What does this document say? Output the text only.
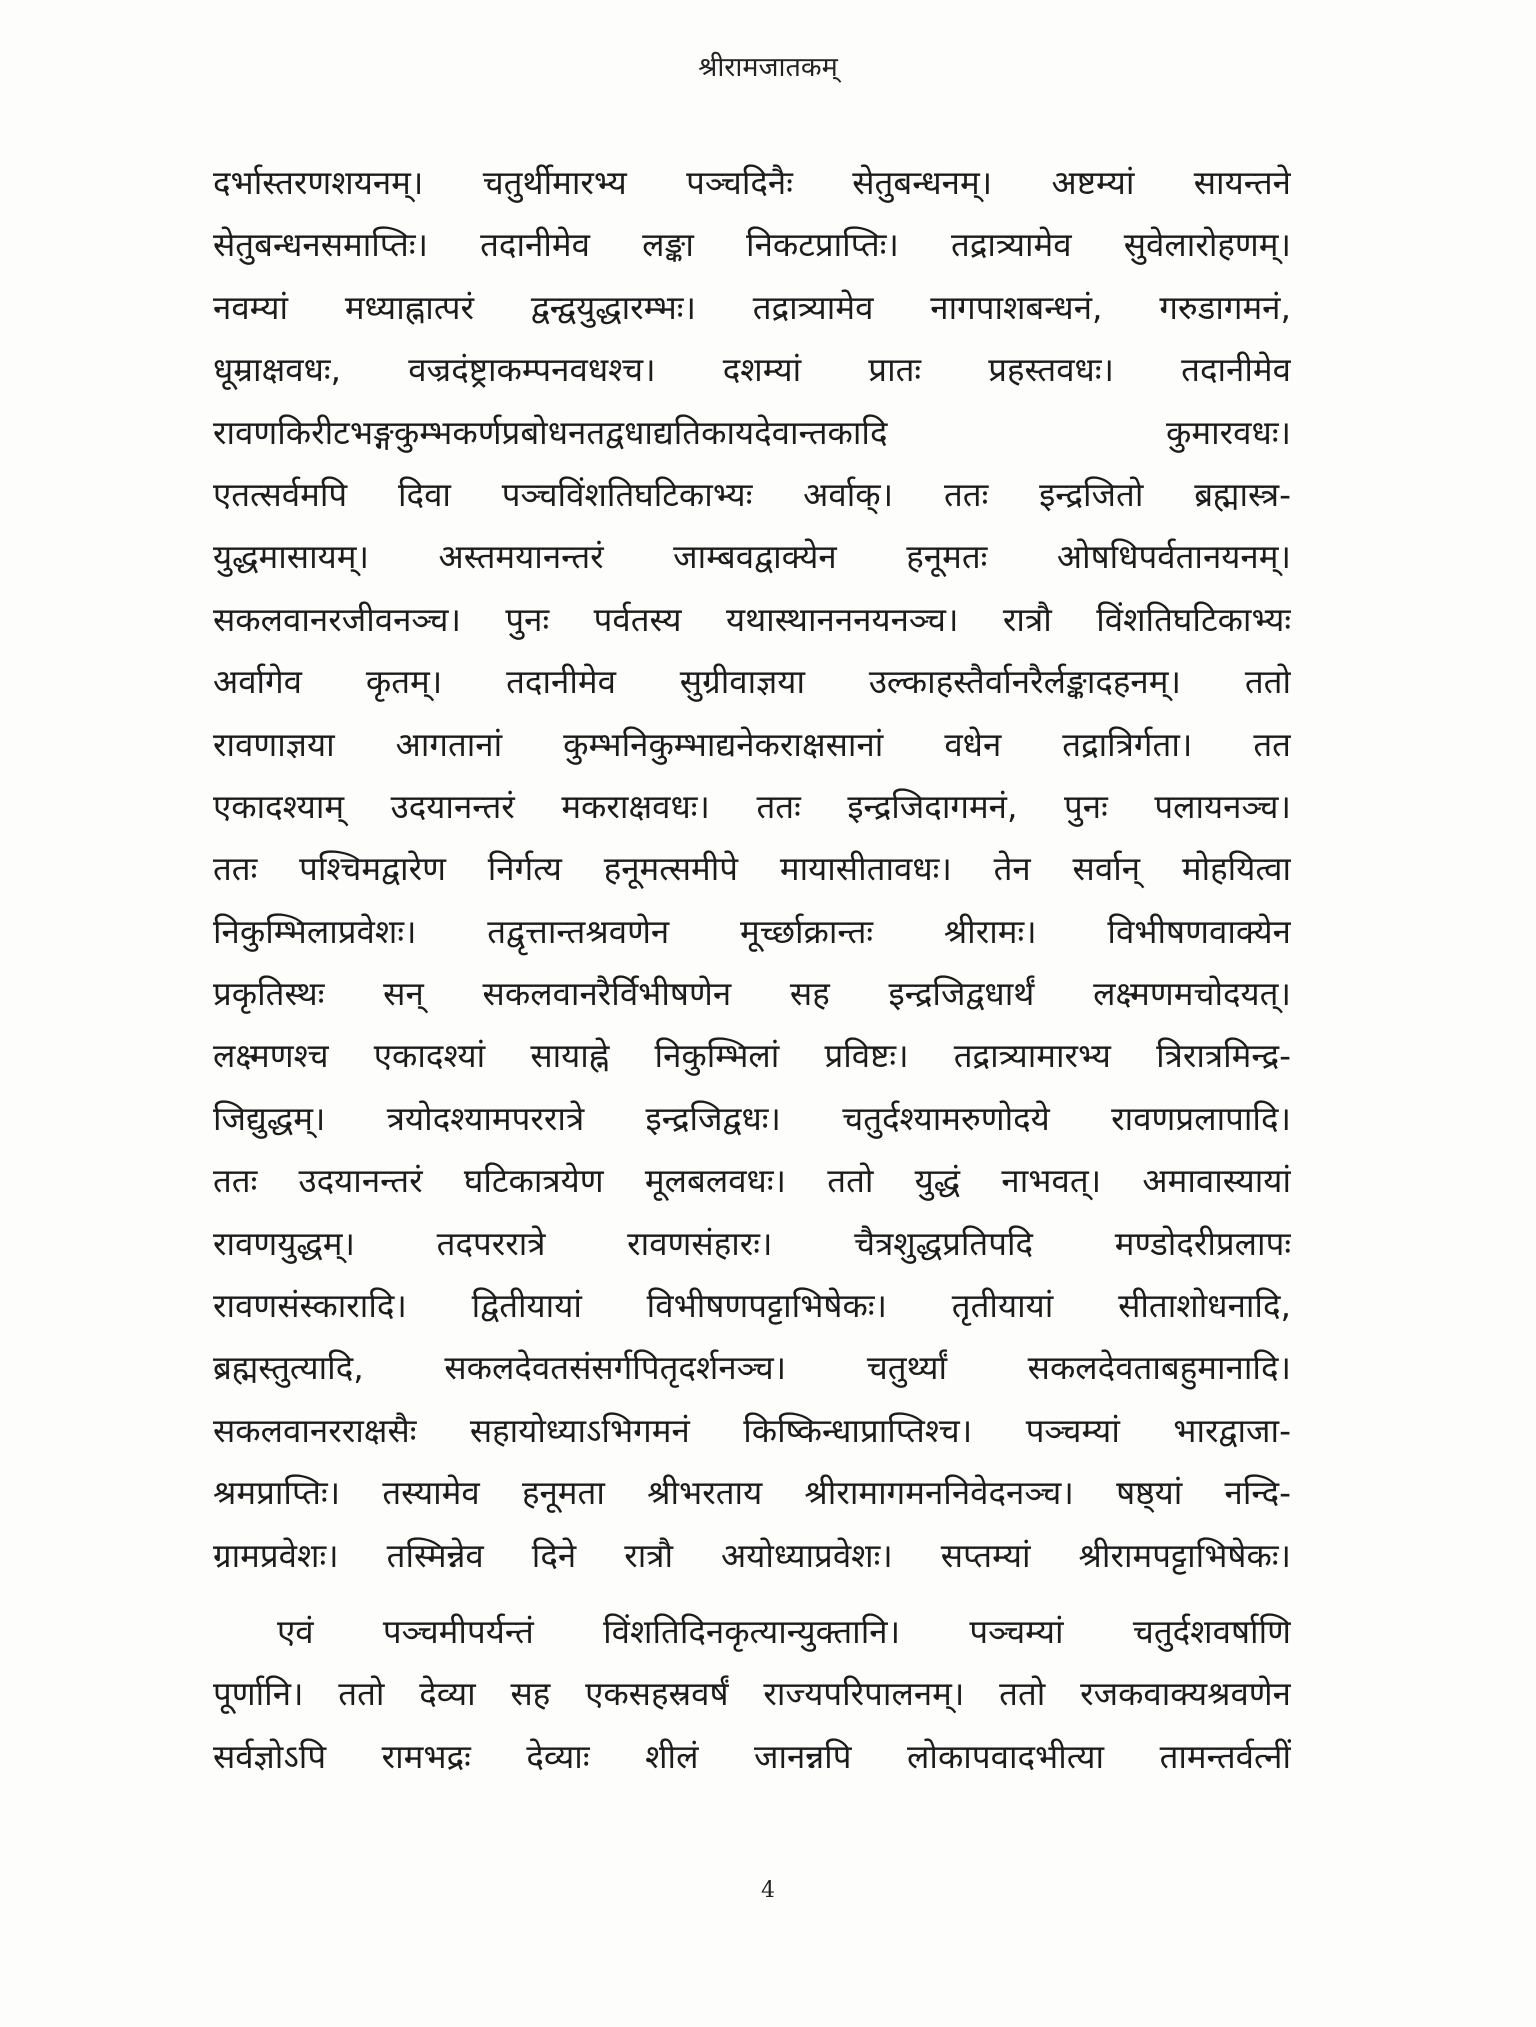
श्रीरामजातकम्
दर्भास्तरणशयनम्। चतुर्थीमारभ्य पञ्चदिनैः सेतुबन्धनम्। अष्टम्यां सायन्तने
सेतुबन्धनसमाप्तिः। तदानीमेव लङ्का निकटप्राप्तिः। तद्रात्र्यामेव सुवेलारोहणम्।
नवम्यां मध्याह्नात्परं द्वन्द्वयुद्धारम्भः। तद्रात्र्यामेव नागपाशबन्धनं, गरुडागमनं,
धूम्राक्षवधः, वज्रदंष्ट्राकम्पनवधश्च। दशम्यां प्रातः प्रहस्तवधः। तदानीमेव
रावणकिरीटभङ्गकुम्भकर्णप्रबोधनतद्वधाद्यतिकायदेवान्तकादि कुमारवधः।
एतत्सर्वमपि दिवा पञ्चविंशतिघटिकाभ्यः अर्वाक्। ततः इन्द्रजितो ब्रह्मास्त्र-
युद्धमासायम्। अस्तमयानन्तरं जाम्बवद्वाक्येन हनूमतः ओषधिपर्वतानयनम्।
सकलवानरजीवनञ्च। पुनः पर्वतस्य यथास्थानननयनञ्च। रात्रौ विंशतिघटिकाभ्यः
अर्वागेव कृतम्। तदानीमेव सुग्रीवाज्ञया उल्काहस्तैर्वानरैर्लङ्कादहनम्। ततो
रावणाज्ञया आगतानां कुम्भनिकुम्भाद्यनेकराक्षसानां वधेन तद्रात्रिर्गता। तत
एकादश्याम् उदयानन्तरं मकराक्षवधः। ततः इन्द्रजिदागमनं, पुनः पलायनञ्च।
ततः पश्चिमद्वारेण निर्गत्य हनूमत्समीपे मायासीतावधः। तेन सर्वान् मोहयित्वा
निकुम्भिलाप्रवेशः। तद्वृत्तान्तश्रवणेन मूर्च्छाक्रान्तः श्रीरामः। विभीषणवाक्येन
प्रकृतिस्थः सन् सकलवानरैर्विभीषणेन सह इन्द्रजिद्वधार्थं लक्ष्मणमचोदयत्।
लक्ष्मणश्च एकादश्यां सायाह्ने निकुम्भिलां प्रविष्टः। तद्रात्र्यामारभ्य त्रिरात्रमिन्द्र-
जिद्युद्धम्। त्रयोदश्यामपररात्रे इन्द्रजिद्वधः। चतुर्दश्यामरुणोदये रावणप्रलापादि।
ततः उदयानन्तरं घटिकात्रयेण मूलबलवधः। ततो युद्धं नाभवत्। अमावास्यायां
रावणयुद्धम्। तदपररात्रे रावणसंहारः। चैत्रशुद्धप्रतिपदि मण्डोदरीप्रलापः
रावणसंस्कारादि। द्वितीयायां विभीषणपट्टाभिषेकः। तृतीयायां सीताशोधनादि,
ब्रह्मस्तुत्यादि, सकलदेवतसंसर्गपितृदर्शनञ्च। चतुर्थ्यां सकलदेवताबहुमानादि।
सकलवानरराक्षसैः सहायोध्याऽभिगमनं किष्किन्धाप्राप्तिश्च। पञ्चम्यां भारद्वाजा-
श्रमप्राप्तिः। तस्यामेव हनूमता श्रीभरताय श्रीरामागमननिवेदनञ्च। षष्ठ्यां नन्दि-
ग्रामप्रवेशः। तस्मिन्नेव दिने रात्रौ अयोध्याप्रवेशः। सप्तम्यां श्रीरामपट्टाभिषेकः।
एवं पञ्चमीपर्यन्तं विंशतिदिनकृत्यान्युक्तानि। पञ्चम्यां चतुर्दशवर्षाणि
पूर्णानि। ततो देव्या सह एकसहस्रवर्षं राज्यपरिपालनम्। ततो रजकवाक्यश्रवणेन
सर्वज्ञोऽपि रामभद्रः देव्याः शीलं जानन्नपि लोकापवादभीत्या तामन्तर्वत्नीं
4
